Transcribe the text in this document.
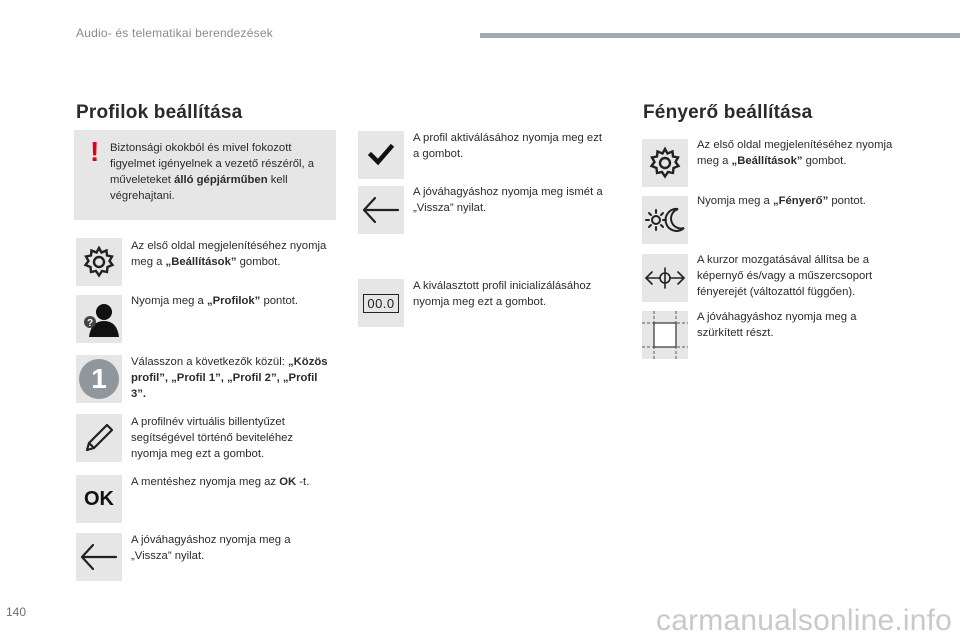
Audio- és telematikai berendezések
Profilok beállítása
! Biztonsági okokból és mivel fokozott figyelmet igényelnek a vezető részéről, a műveleteket álló gépjárműben kell végrehajtani.
Az első oldal megjelenítéséhez nyomja meg a „Beállítások” gombot.
?
Nyomja meg a „Profilok” pontot.
1
Válasszon a következők közül: „Közös profil”, „Profil 1”, „Profil 2”, „Profil 3”.
A profilnév virtuális billentyűzet segítségével történő beviteléhez nyomja meg ezt a gombot.
OK
A mentéshez nyomja meg az OK -t.
A jóváhagyáshoz nyomja meg a „Vissza” nyilat.
A profil aktiválásához nyomja meg ezt a gombot.
A jóváhagyáshoz nyomja meg ismét a „Vissza” nyilat.
00.0
A kiválasztott profil inicializálásához nyomja meg ezt a gombot.
Fényerő beállítása
Az első oldal megjelenítéséhez nyomja meg a „Beállítások” gombot.
Nyomja meg a „Fényerő” pontot.
A kurzor mozgatásával állítsa be a képernyő és/vagy a műszercsoport fényerejét (változattól függően).
A jóváhagyáshoz nyomja meg a szürkített részt.
140	carmanualsonline.info
